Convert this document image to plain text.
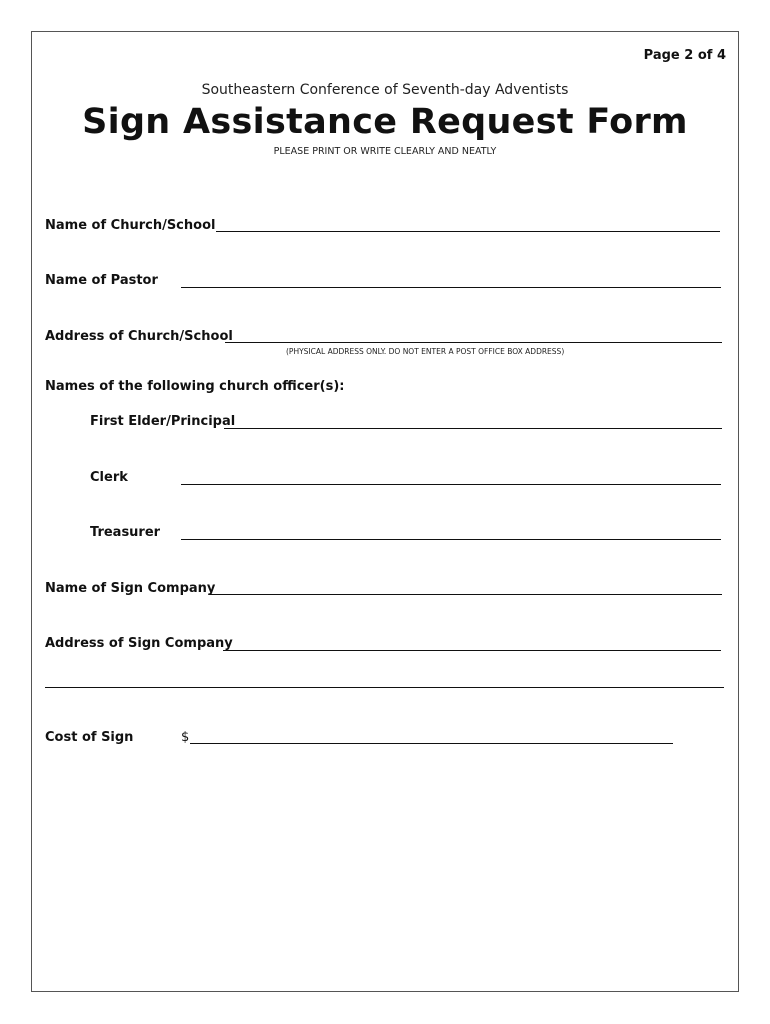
Page 2 of 4
Southeastern Conference of Seventh-day Adventists
Sign Assistance Request Form
PLEASE PRINT OR WRITE CLEARLY AND NEATLY
Name of Church/School
Name of Pastor
Address of Church/School
(PHYSICAL ADDRESS ONLY. DO NOT ENTER A POST OFFICE BOX ADDRESS)
Names of the following church officer(s):
First Elder/Principal
Clerk
Treasurer
Name of Sign Company
Address of Sign Company
Cost of Sign	$
